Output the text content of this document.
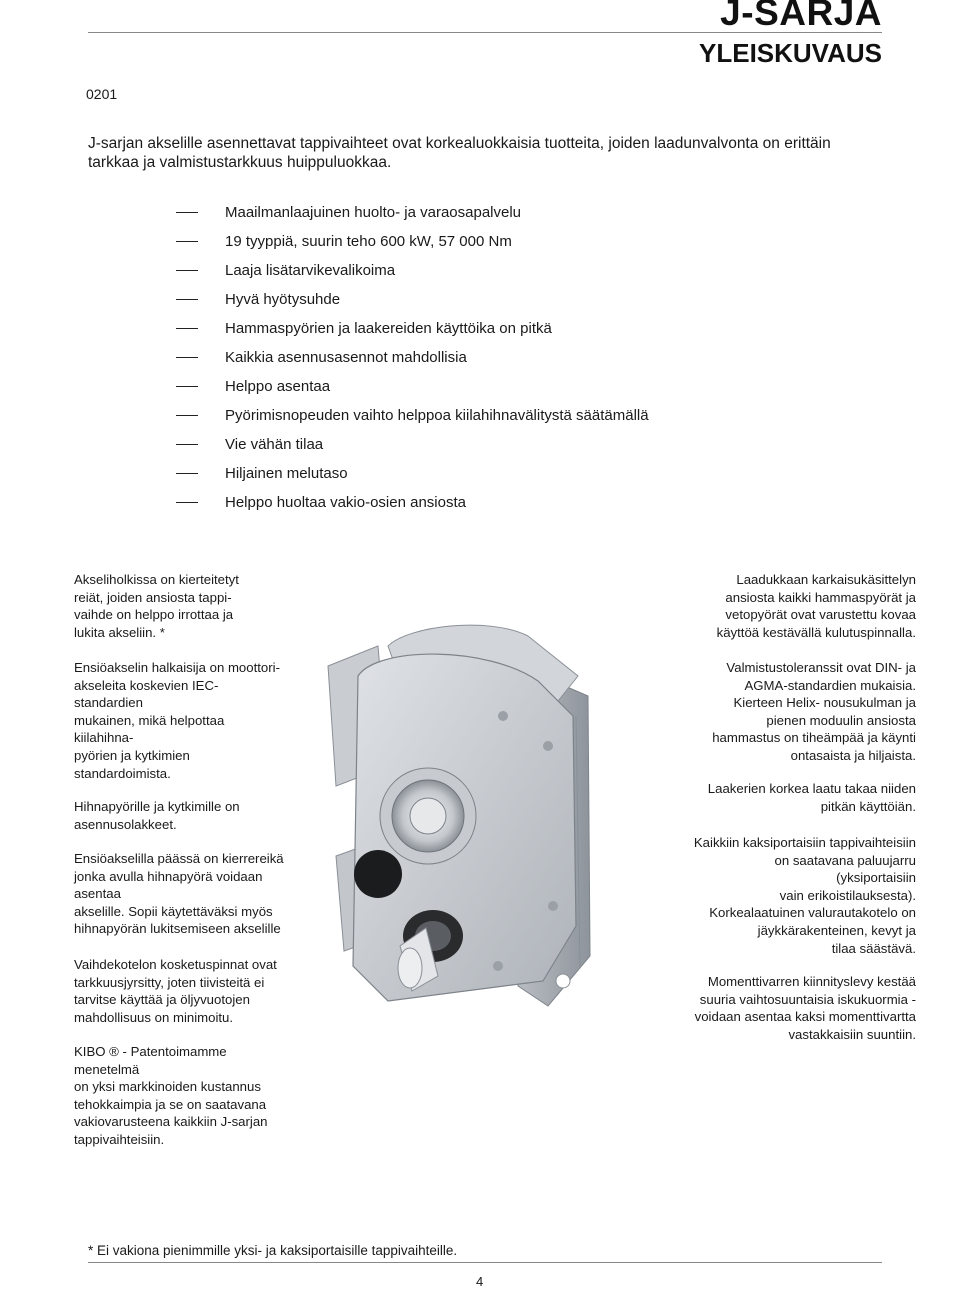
J-SARJA
YLEISKUVAUS
0201
J-sarjan akselille asennettavat tappivaihteet ovat korkealuokkaisia tuotteita, joiden laadunvalvonta on erittäin tarkkaa ja valmistustarkkuus huippuluokkaa.
Maailmanlaajuinen huolto- ja varaosapalvelu
19 tyyppiä, suurin teho 600 kW, 57 000 Nm
Laaja lisätarvikevalikoima
Hyvä hyötysuhde
Hammaspyörien ja laakereiden käyttöika on pitkä
Kaikkia asennusasennot mahdollisia
Helppo asentaa
Pyörimisnopeuden vaihto helppoa kiilahihnavälitystä säätämällä
Vie vähän tilaa
Hiljainen melutaso
Helppo huoltaa vakio-osien ansiosta

Akseliholkissa on kierteitetyt
reiät, joiden ansiosta tappi-
vaihde on helppo irrottaa ja
lukita akseliin. *

Ensiöakselin halkaisija on moottori-
akseleita koskevien IEC-
standardien
mukainen, mikä helpottaa
kiilahihna-
pyörien ja kytkimien
standardoimista.

Hihnapyörille ja kytkimille on
asennusolakkeet.

Ensiöakselilla päässä on kierrereikä
jonka avulla hihnapyörä voidaan
asentaa
akselille. Sopii käytettäväksi myös
hihnapyörän lukitsemiseen akselille

Vaihdekotelon kosketuspinnat ovat
tarkkuusjyrsitty, joten tiivisteitä ei
tarvitse käyttää ja öljyvuotojen
mahdollisuus on minimoitu.

KIBO ® - Patentoimamme
menetelmä
on yksi markkinoiden kustannus
tehokkaimpia ja se on saatavana
vakiovarusteena kaikkiin J-sarjan
tappivaihteisiin.

Laadukkaan karkaisukäsittelyn
ansiosta kaikki hammaspyörät ja
vetopyörät ovat varustettu kovaa
käyttöä kestävällä kulutuspinnalla.

Valmistustoleranssit ovat DIN- ja
AGMA-standardien mukaisia.
Kierteen Helix- nousukulman ja
pienen moduulin ansiosta
hammastus on tiheämpää ja käynti
ontasaista ja hiljaista.

Laakerien korkea laatu takaa niiden
pitkän käyttöiän.

Kaikkiin kaksiportaisiin tappivaihteisiin
on saatavana paluujarru
(yksiportaisiin
vain erikoistilauksesta).
Korkealaatuinen valurautakotelo on
jäykkärakenteinen, kevyt ja
tilaa säästävä.

Momenttivarren kiinnityslevy kestää
suuria vaihtosuuntaisia iskukuormia -
voidaan asentaa kaksi momenttivartta
vastakkaisiin suuntiin.

* Ei vakiona pienimmille yksi- ja kaksiportaisille tappivaihteille.
4
